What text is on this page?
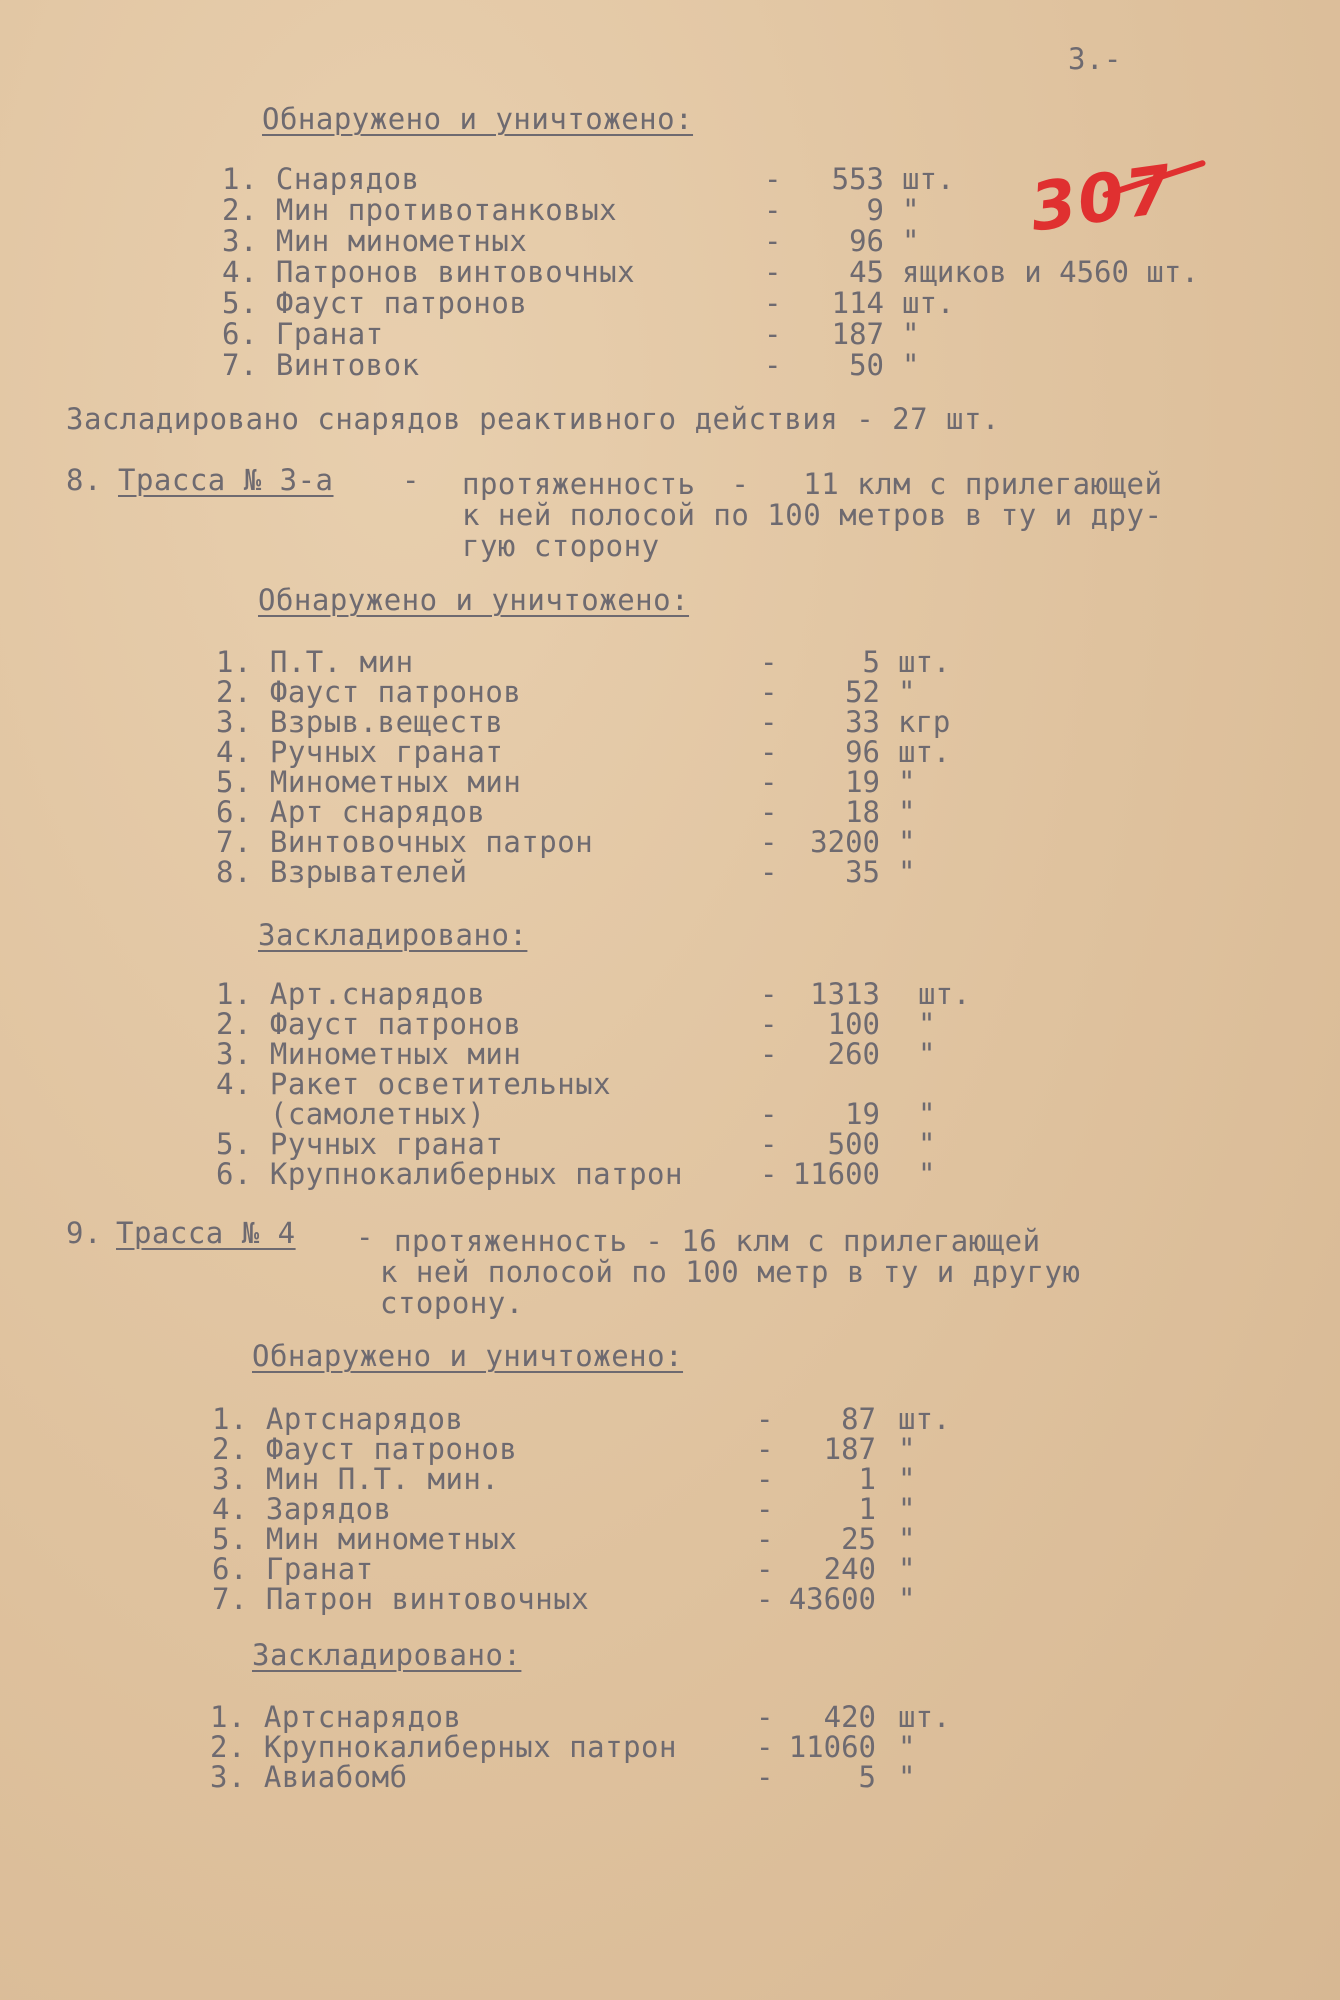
3.-
307
Обнаружено и уничтожено:
1. Снарядов	-	553 шт.
2. Мин противотанковых	-	9 "
3. Мин минометных	-	96 "
4. Патронов винтовочных	-	45 ящиков и 4560 шт.
5. Фауст патронов	-	114 шт.
6. Гранат	-	187 "
7. Винтовок	-	50 "
Засладировано снарядов реактивного действия - 27 шт.
8. Трасса № 3-а - протяженность  -   11 клм с прилегающей
к ней полосой по 100 метров в ту и дру-
гую сторону
Обнаружено и уничтожено:
1. П.Т. мин	-	5 шт.
2. Фауст патронов	-	52 "
3. Взрыв.веществ	-	33 кгр
4. Ручных гранат	-	96 шт.
5. Минометных мин	-	19 "
6. Арт снарядов	-	18 "
7. Винтовочных патрон	-	3200 "
8. Взрывателей	-	35 "
Заскладировано:
1. Арт.снарядов	-	1313 шт.
2. Фауст патронов	-	100 "
3. Минометных мин	-	260 "
4. Ракет осветительных
(самолетных)	-	19 "
5. Ручных гранат	-	500 "
6. Крупнокалиберных патрон	- 11600 "
9. Трасса № 4 - протяженность - 16 клм с прилегающей
к ней полосой по 100 метр в ту и другую
сторону.
Обнаружено и уничтожено:
1. Артснарядов	-	87 шт.
2. Фауст патронов	-	187 "
3. Мин П.Т. мин.	-	1 "
4. Зарядов	-	1 "
5. Мин минометных	-	25 "
6. Гранат	-	240 "
7. Патрон винтовочных	- 43600 "
Заскладировано:
1. Артснарядов	-	420 шт.
2. Крупнокалиберных патрон	- 11060 "
3. Авиабомб	-	5 "
